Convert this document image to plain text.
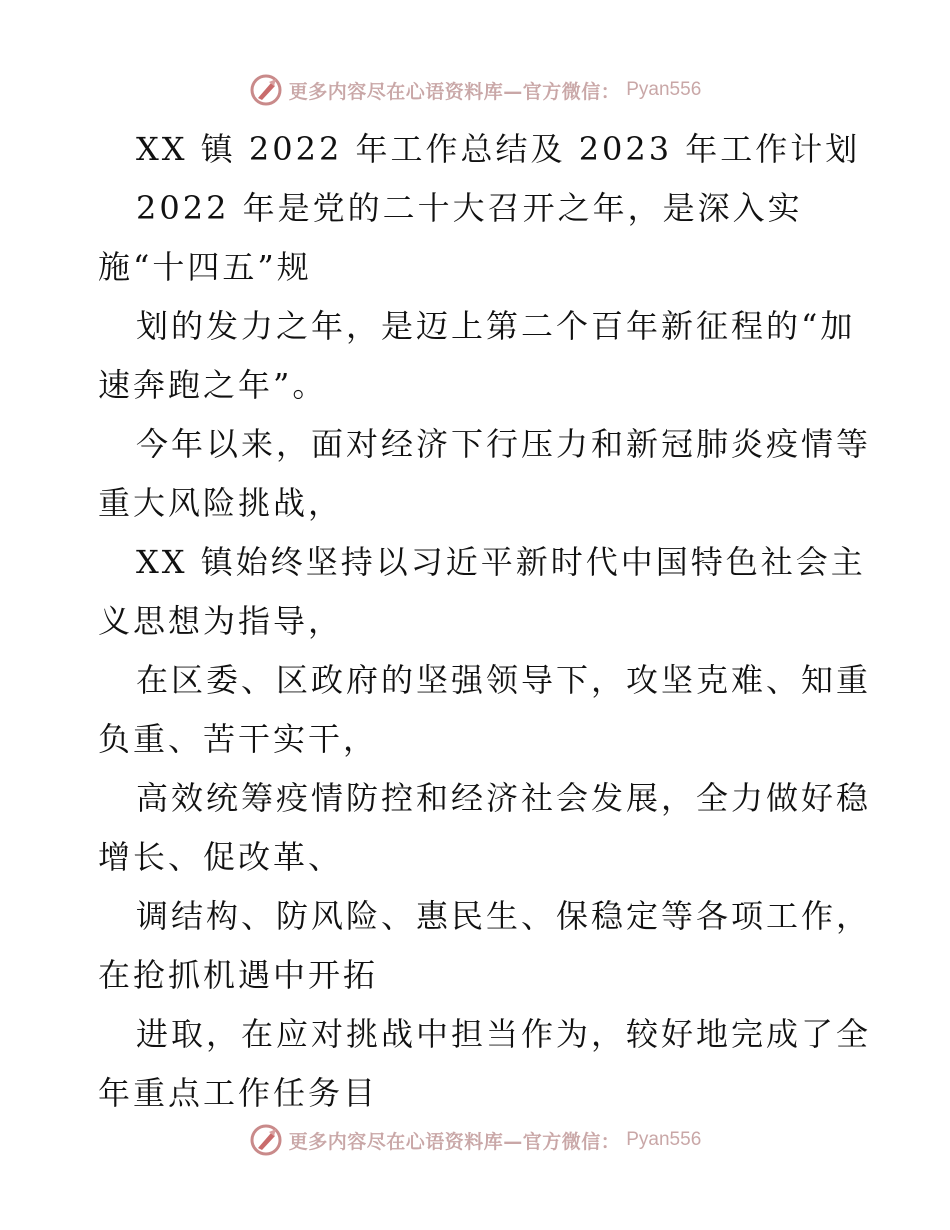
更多内容尽在心语资料库—官方微信： Pyan556
XX 镇 2022 年工作总结及 2023 年工作计划
2022 年是党的二十大召开之年，是深入实
施“十四五”规
划的发力之年，是迈上第二个百年新征程的“加
速奔跑之年”。
今年以来，面对经济下行压力和新冠肺炎疫情等
重大风险挑战，
XX 镇始终坚持以习近平新时代中国特色社会主
义思想为指导，
在区委、区政府的坚强领导下，攻坚克难、知重
负重、苦干实干，
高效统筹疫情防控和经济社会发展，全力做好稳
增长、促改革、
调结构、防风险、惠民生、保稳定等各项工作，
在抢抓机遇中开拓
进取，在应对挑战中担当作为，较好地完成了全
年重点工作任务目
更多内容尽在心语资料库—官方微信： Pyan556
